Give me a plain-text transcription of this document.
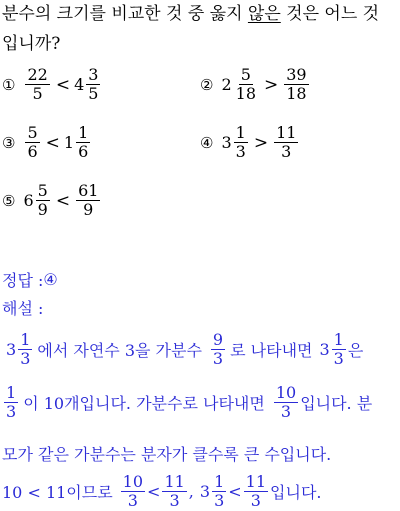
분수의 크기를 비교한 것 중 옳지 않은 것은 어느 것
입니까?
① $\frac{22}{5} < 4 \frac{3}{5}$	② $2 \frac{5}{18} > \frac{39}{18}$
③ $\frac{5}{6} < 1 \frac{1}{6}$	④ $3 \frac{1}{3} > \frac{11}{3}$
⑤ $6 \frac{5}{9} < \frac{61}{9}$
정답 : ④
해설 :
$3 \frac{1}{3}$ 에서 자연수 3을 가분수 $\frac{9}{3}$ 로 나타내면 $3 \frac{1}{3}$ 은
$\frac{1}{3}$ 이 10개입니다. 가분수로 나타내면 $\frac{10}{3}$ 입니다. 분
모가 같은 가분수는 분자가 클수록 큰 수입니다.
10 < 11이므로 $\frac{10}{3} < \frac{11}{3}$ , $3 \frac{1}{3} < \frac{11}{3}$ 입니다.
